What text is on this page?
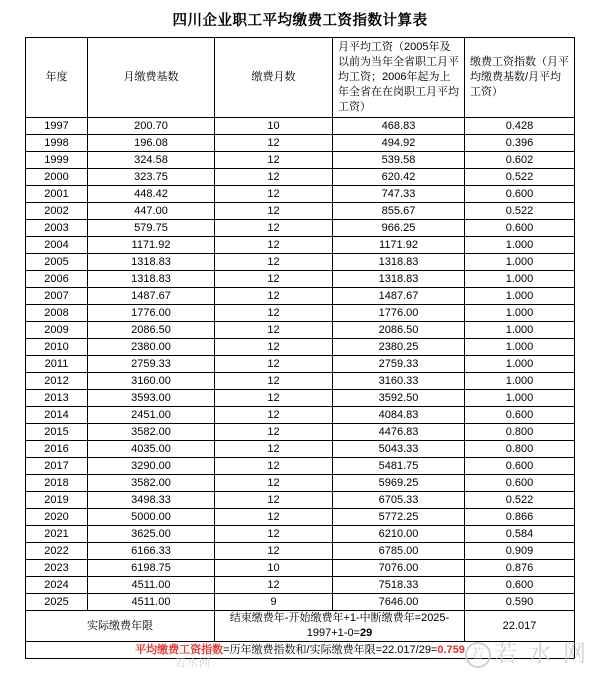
四川企业职工平均缴费工资指数计算表
年度	月缴费基数	缴费月数	月平均工资（2005年及以前为当年全省职工月平均工资；2006年起为上年全省在在岗职工月平均工资）	缴费工资指数（月平均缴费基数/月平均工资）
1997	200.70	10	468.83	0.428
1998	196.08	12	494.92	0.396
1999	324.58	12	539.58	0.602
2000	323.75	12	620.42	0.522
2001	448.42	12	747.33	0.600
2002	447.00	12	855.67	0.522
2003	579.75	12	966.25	0.600
2004	1171.92	12	1171.92	1.000
2005	1318.83	12	1318.83	1.000
2006	1318.83	12	1318.83	1.000
2007	1487.67	12	1487.67	1.000
2008	1776.00	12	1776.00	1.000
2009	2086.50	12	2086.50	1.000
2010	2380.00	12	2380.25	1.000
2011	2759.33	12	2759.33	1.000
2012	3160.00	12	3160.33	1.000
2013	3593.00	12	3592.50	1.000
2014	2451.00	12	4084.83	0.600
2015	3582.00	12	4476.83	0.800
2016	4035.00	12	5043.33	0.800
2017	3290.00	12	5481.75	0.600
2018	3582.00	12	5969.25	0.600
2019	3498.33	12	6705.33	0.522
2020	5000.00	12	5772.25	0.866
2021	3625.00	12	6210.00	0.584
2022	6166.33	12	6785.00	0.909
2023	6198.75	10	7076.00	0.876
2024	4511.00	12	7518.33	0.600
2025	4511.00	9	7646.00	0.590
实际缴费年限		结束缴费年-开始缴费年+1-中断缴费年=2025-1997+1-0=29		22.017
平均缴费工资指数=历年缴费指数和/实际缴费年限=22.017/29=0.759				
若水网
若 若 水 网
